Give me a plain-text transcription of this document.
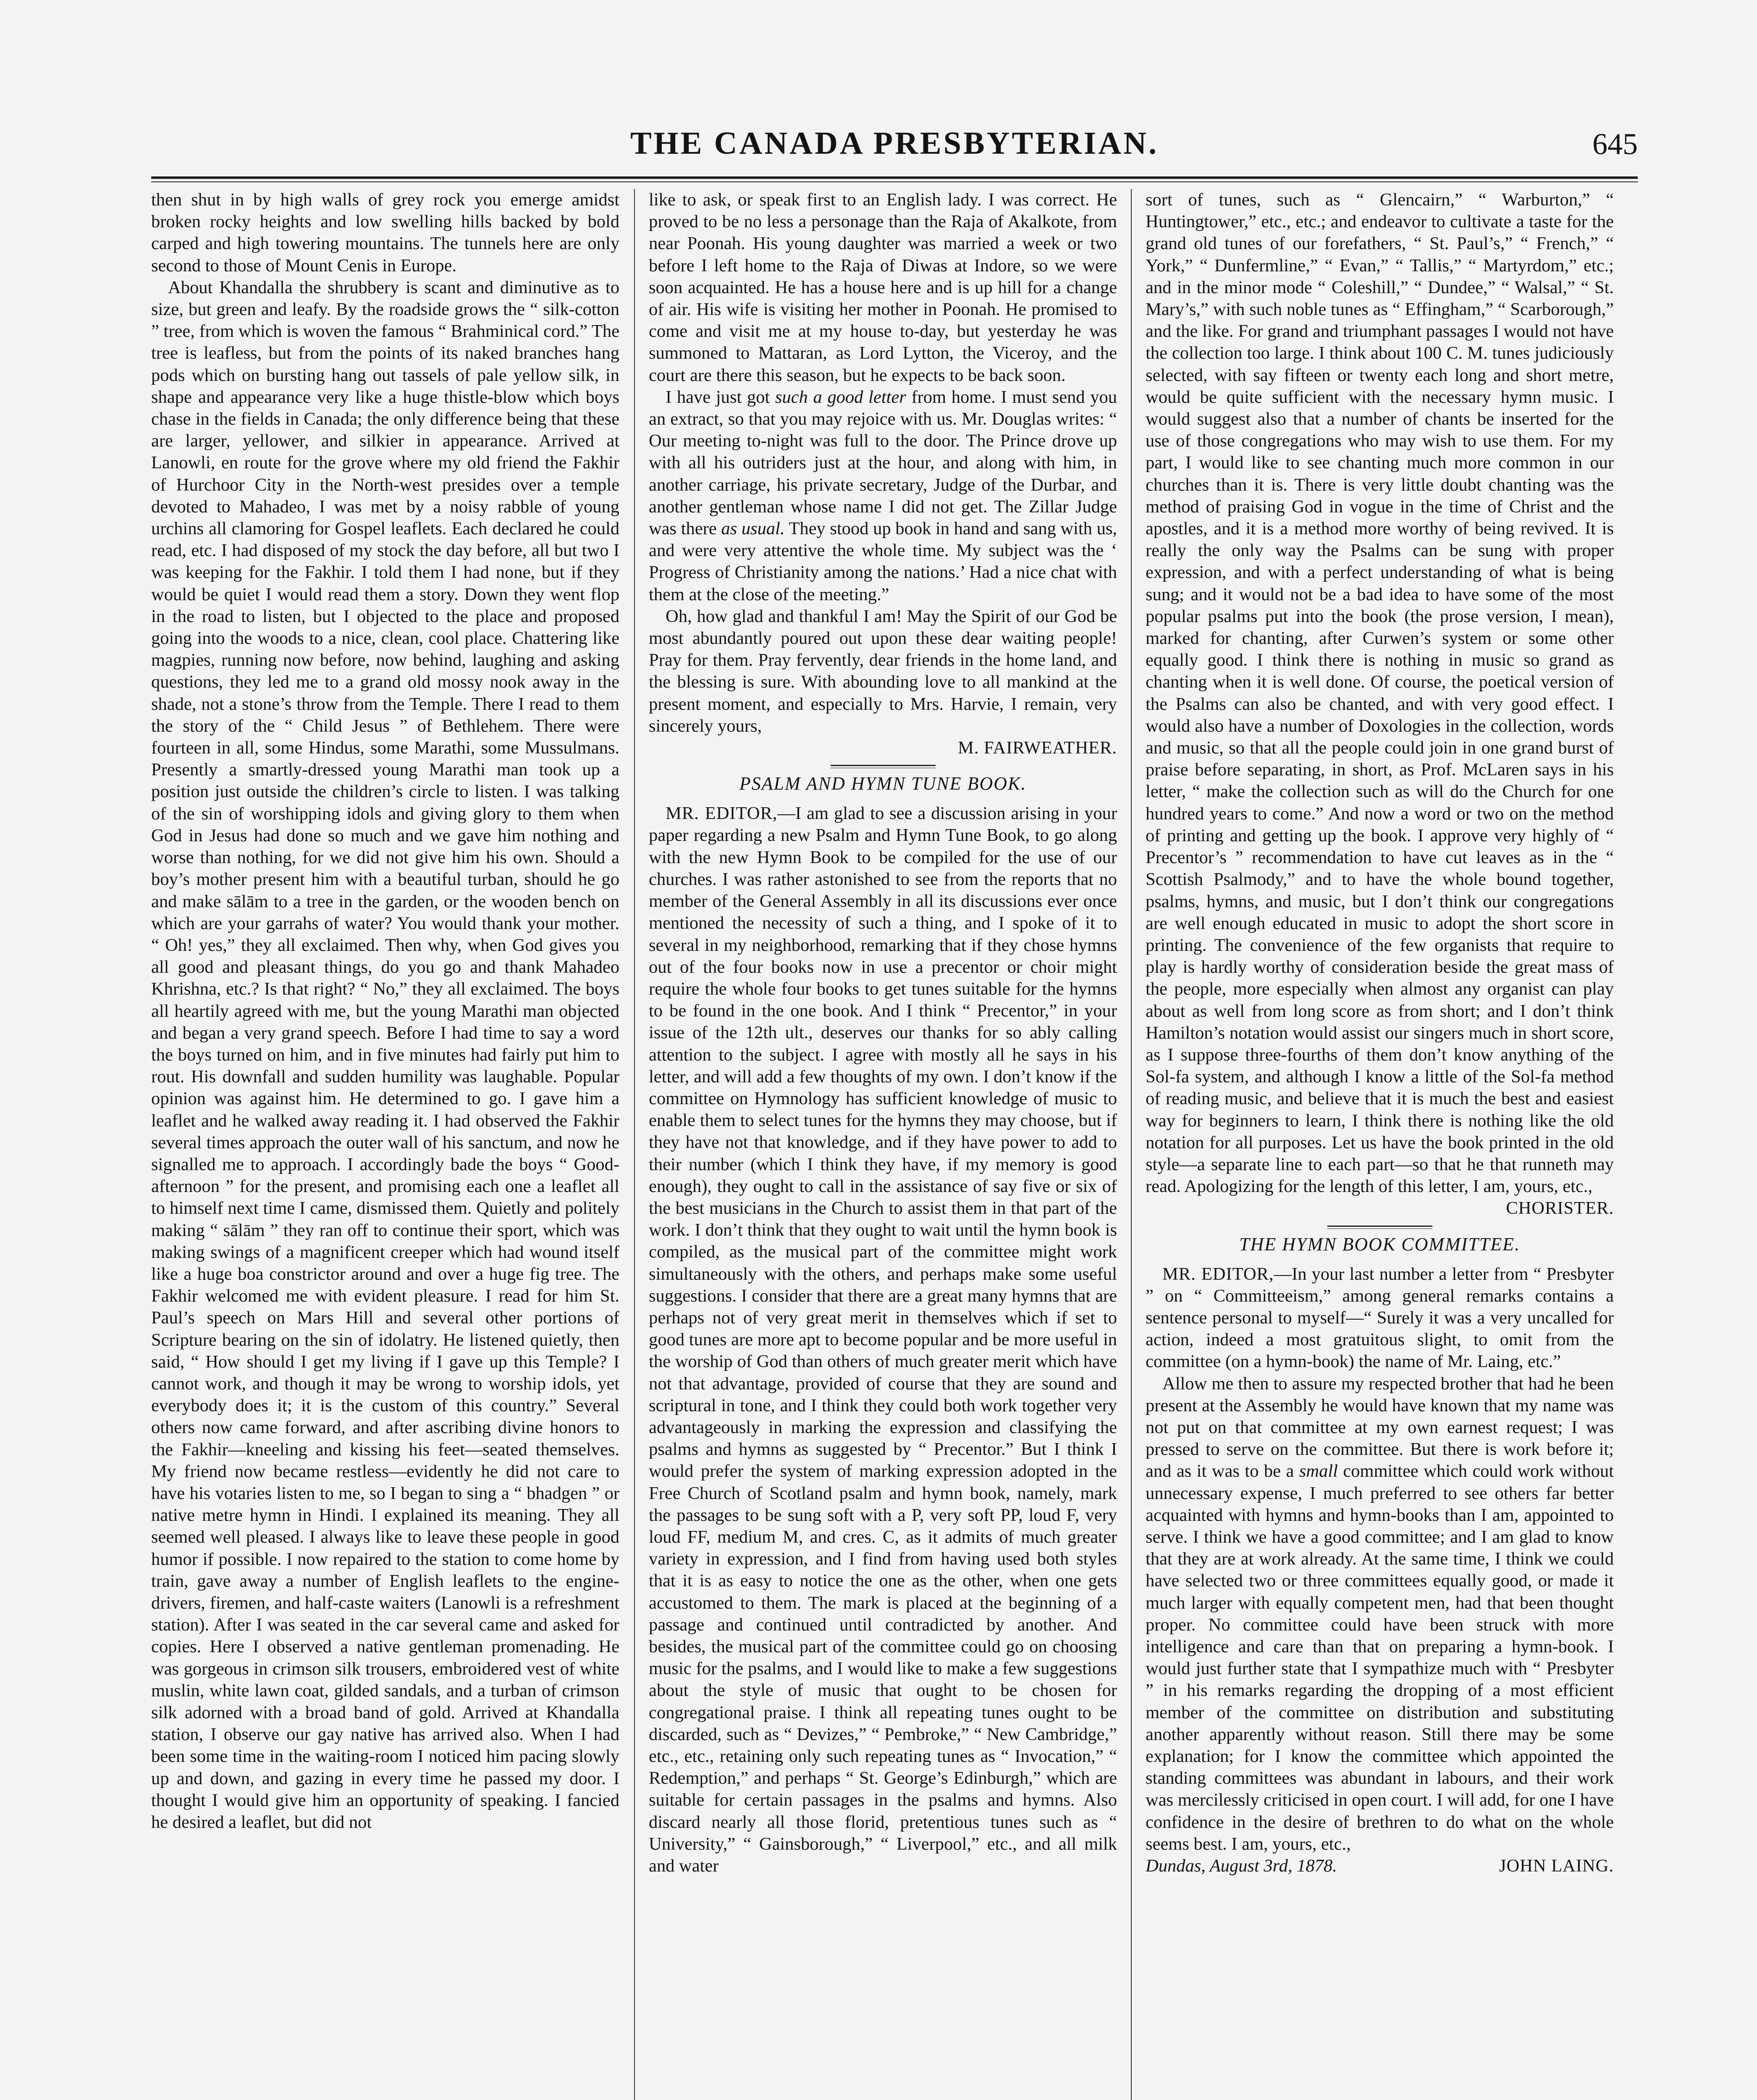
THE CANADA PRESBYTERIAN.	645

then shut in by high walls of grey rock you emerge amidst broken rocky heights and low swelling hills backed by bold carped and high towering mountains. The tunnels here are only second to those of Mount Cenis in Europe.

About Khandalla the shrubbery is scant and diminutive as to size, but green and leafy. By the roadside grows the “ silk-cotton ” tree, from which is woven the famous “ Brahminical cord.” The tree is leafless, but from the points of its naked branches hang pods which on bursting hang out tassels of pale yellow silk, in shape and appearance very like a huge thistle-blow which boys chase in the fields in Canada; the only difference being that these are larger, yellower, and silkier in appearance. Arrived at Lanowli, en route for the grove where my old friend the Fakhir of Hurchoor City in the North-west presides over a temple devoted to Mahadeo, I was met by a noisy rabble of young urchins all clamoring for Gospel leaflets. Each declared he could read, etc. I had disposed of my stock the day before, all but two I was keeping for the Fakhir. I told them I had none, but if they would be quiet I would read them a story. Down they went flop in the road to listen, but I objected to the place and proposed going into the woods to a nice, clean, cool place. Chattering like magpies, running now before, now behind, laughing and asking questions, they led me to a grand old mossy nook away in the shade, not a stone’s throw from the Temple. There I read to them the story of the “ Child Jesus ” of Bethlehem. There were fourteen in all, some Hindus, some Marathi, some Mussulmans. Presently a smartly-dressed young Marathi man took up a position just outside the children’s circle to listen. I was talking of the sin of worshipping idols and giving glory to them when God in Jesus had done so much and we gave him nothing and worse than nothing, for we did not give him his own. Should a boy’s mother present him with a beautiful turban, should he go and make sālām to a tree in the garden, or the wooden bench on which are your garrahs of water? You would thank your mother. “ Oh! yes,” they all exclaimed. Then why, when God gives you all good and pleasant things, do you go and thank Mahadeo Khrishna, etc.? Is that right? “ No,” they all exclaimed. The boys all heartily agreed with me, but the young Marathi man objected and began a very grand speech. Before I had time to say a word the boys turned on him, and in five minutes had fairly put him to rout. His downfall and sudden humility was laughable. Popular opinion was against him. He determined to go. I gave him a leaflet and he walked away reading it. I had observed the Fakhir several times approach the outer wall of his sanctum, and now he signalled me to approach. I accordingly bade the boys “ Good-afternoon ” for the present, and promising each one a leaflet all to himself next time I came, dismissed them. Quietly and politely making “ sālām ” they ran off to continue their sport, which was making swings of a magnificent creeper which had wound itself like a huge boa constrictor around and over a huge fig tree. The Fakhir welcomed me with evident pleasure. I read for him St. Paul’s speech on Mars Hill and several other portions of Scripture bearing on the sin of idolatry. He listened quietly, then said, “ How should I get my living if I gave up this Temple? I cannot work, and though it may be wrong to worship idols, yet everybody does it; it is the custom of this country.” Several others now came forward, and after ascribing divine honors to the Fakhir—kneeling and kissing his feet—seated themselves. My friend now became restless—evidently he did not care to have his votaries listen to me, so I began to sing a “ bhadgen ” or native metre hymn in Hindi. I explained its meaning. They all seemed well pleased. I always like to leave these people in good humor if possible. I now repaired to the station to come home by train, gave away a number of English leaflets to the engine-drivers, firemen, and half-caste waiters (Lanowli is a refreshment station). After I was seated in the car several came and asked for copies. Here I observed a native gentleman promenading. He was gorgeous in crimson silk trousers, embroidered vest of white muslin, white lawn coat, gilded sandals, and a turban of crimson silk adorned with a broad band of gold. Arrived at Khandalla station, I observe our gay native has arrived also. When I had been some time in the waiting-room I noticed him pacing slowly up and down, and gazing in every time he passed my door. I thought I would give him an opportunity of speaking. I fancied he desired a leaflet, but did not

like to ask, or speak first to an English lady. I was correct. He proved to be no less a personage than the Raja of Akalkote, from near Poonah. His young daughter was married a week or two before I left home to the Raja of Diwas at Indore, so we were soon acquainted. He has a house here and is up hill for a change of air. His wife is visiting her mother in Poonah. He promised to come and visit me at my house to-day, but yesterday he was summoned to Mattaran, as Lord Lytton, the Viceroy, and the court are there this season, but he expects to be back soon.

I have just got such a good letter from home. I must send you an extract, so that you may rejoice with us. Mr. Douglas writes: “ Our meeting to-night was full to the door. The Prince drove up with all his outriders just at the hour, and along with him, in another carriage, his private secretary, Judge of the Durbar, and another gentleman whose name I did not get. The Zillar Judge was there as usual. They stood up book in hand and sang with us, and were very attentive the whole time. My subject was the ‘ Progress of Christianity among the nations.’ Had a nice chat with them at the close of the meeting.”

Oh, how glad and thankful I am! May the Spirit of our God be most abundantly poured out upon these dear waiting people! Pray for them. Pray fervently, dear friends in the home land, and the blessing is sure. With abounding love to all mankind at the present moment, and especially to Mrs. Harvie, I remain, very sincerely yours,

M. FAIRWEATHER.
PSALM AND HYMN TUNE BOOK.

MR. EDITOR,—I am glad to see a discussion arising in your paper regarding a new Psalm and Hymn Tune Book, to go along with the new Hymn Book to be compiled for the use of our churches. I was rather astonished to see from the reports that no member of the General Assembly in all its discussions ever once mentioned the necessity of such a thing, and I spoke of it to several in my neighborhood, remarking that if they chose hymns out of the four books now in use a precentor or choir might require the whole four books to get tunes suitable for the hymns to be found in the one book. And I think “ Precentor,” in your issue of the 12th ult., deserves our thanks for so ably calling attention to the subject. I agree with mostly all he says in his letter, and will add a few thoughts of my own. I don’t know if the committee on Hymnology has sufficient knowledge of music to enable them to select tunes for the hymns they may choose, but if they have not that knowledge, and if they have power to add to their number (which I think they have, if my memory is good enough), they ought to call in the assistance of say five or six of the best musicians in the Church to assist them in that part of the work. I don’t think that they ought to wait until the hymn book is compiled, as the musical part of the committee might work simultaneously with the others, and perhaps make some useful suggestions. I consider that there are a great many hymns that are perhaps not of very great merit in themselves which if set to good tunes are more apt to become popular and be more useful in the worship of God than others of much greater merit which have not that advantage, provided of course that they are sound and scriptural in tone, and I think they could both work together very advantageously in marking the expression and classifying the psalms and hymns as suggested by “ Precentor.” But I think I would prefer the system of marking expression adopted in the Free Church of Scotland psalm and hymn book, namely, mark the passages to be sung soft with a P, very soft PP, loud F, very loud FF, medium M, and cres. C, as it admits of much greater variety in expression, and I find from having used both styles that it is as easy to notice the one as the other, when one gets accustomed to them. The mark is placed at the beginning of a passage and continued until contradicted by another. And besides, the musical part of the committee could go on choosing music for the psalms, and I would like to make a few suggestions about the style of music that ought to be chosen for congregational praise. I think all repeating tunes ought to be discarded, such as “ Devizes,” “ Pembroke,” “ New Cambridge,” etc., etc., retaining only such repeating tunes as “ Invocation,” “ Redemption,” and perhaps “ St. George’s Edinburgh,” which are suitable for certain passages in the psalms and hymns. Also discard nearly all those florid, pretentious tunes such as “ University,” “ Gainsborough,” “ Liverpool,” etc., and all milk and water

sort of tunes, such as “ Glencairn,” “ Warburton,” “ Huntingtower,” etc., etc.; and endeavor to cultivate a taste for the grand old tunes of our forefathers, “ St. Paul’s,” “ French,” “ York,” “ Dunfermline,” “ Evan,” “ Tallis,” “ Martyrdom,” etc.; and in the minor mode “ Coleshill,” “ Dundee,” “ Walsal,” “ St. Mary’s,” with such noble tunes as “ Effingham,” “ Scarborough,” and the like. For grand and triumphant passages I would not have the collection too large. I think about 100 C. M. tunes judiciously selected, with say fifteen or twenty each long and short metre, would be quite sufficient with the necessary hymn music. I would suggest also that a number of chants be inserted for the use of those congregations who may wish to use them. For my part, I would like to see chanting much more common in our churches than it is. There is very little doubt chanting was the method of praising God in vogue in the time of Christ and the apostles, and it is a method more worthy of being revived. It is really the only way the Psalms can be sung with proper expression, and with a perfect understanding of what is being sung; and it would not be a bad idea to have some of the most popular psalms put into the book (the prose version, I mean), marked for chanting, after Curwen’s system or some other equally good. I think there is nothing in music so grand as chanting when it is well done. Of course, the poetical version of the Psalms can also be chanted, and with very good effect. I would also have a number of Doxologies in the collection, words and music, so that all the people could join in one grand burst of praise before separating, in short, as Prof. McLaren says in his letter, “ make the collection such as will do the Church for one hundred years to come.” And now a word or two on the method of printing and getting up the book. I approve very highly of “ Precentor’s ” recommendation to have cut leaves as in the “ Scottish Psalmody,” and to have the whole bound together, psalms, hymns, and music, but I don’t think our congregations are well enough educated in music to adopt the short score in printing. The convenience of the few organists that require to play is hardly worthy of consideration beside the great mass of the people, more especially when almost any organist can play about as well from long score as from short; and I don’t think Hamilton’s notation would assist our singers much in short score, as I suppose three-fourths of them don’t know anything of the Sol-fa system, and although I know a little of the Sol-fa method of reading music, and believe that it is much the best and easiest way for beginners to learn, I think there is nothing like the old notation for all purposes. Let us have the book printed in the old style—a separate line to each part—so that he that runneth may read. Apologizing for the length of this letter, I am, yours, etc.,

CHORISTER.
THE HYMN BOOK COMMITTEE.

MR. EDITOR,—In your last number a letter from “ Presbyter ” on “ Committeeism,” among general remarks contains a sentence personal to myself—“ Surely it was a very uncalled for action, indeed a most gratuitous slight, to omit from the committee (on a hymn-book) the name of Mr. Laing, etc.”

Allow me then to assure my respected brother that had he been present at the Assembly he would have known that my name was not put on that committee at my own earnest request; I was pressed to serve on the committee. But there is work before it; and as it was to be a small committee which could work without unnecessary expense, I much preferred to see others far better acquainted with hymns and hymn-books than I am, appointed to serve. I think we have a good committee; and I am glad to know that they are at work already. At the same time, I think we could have selected two or three committees equally good, or made it much larger with equally competent men, had that been thought proper. No committee could have been struck with more intelligence and care than that on preparing a hymn-book. I would just further state that I sympathize much with “ Presbyter ” in his remarks regarding the dropping of a most efficient member of the committee on distribution and substituting another apparently without reason. Still there may be some explanation; for I know the committee which appointed the standing committees was abundant in labours, and their work was mercilessly criticised in open court. I will add, for one I have confidence in the desire of brethren to do what on the whole seems best. I am, yours, etc.,

Dundas, August 3rd, 1878.	JOHN LAING.
